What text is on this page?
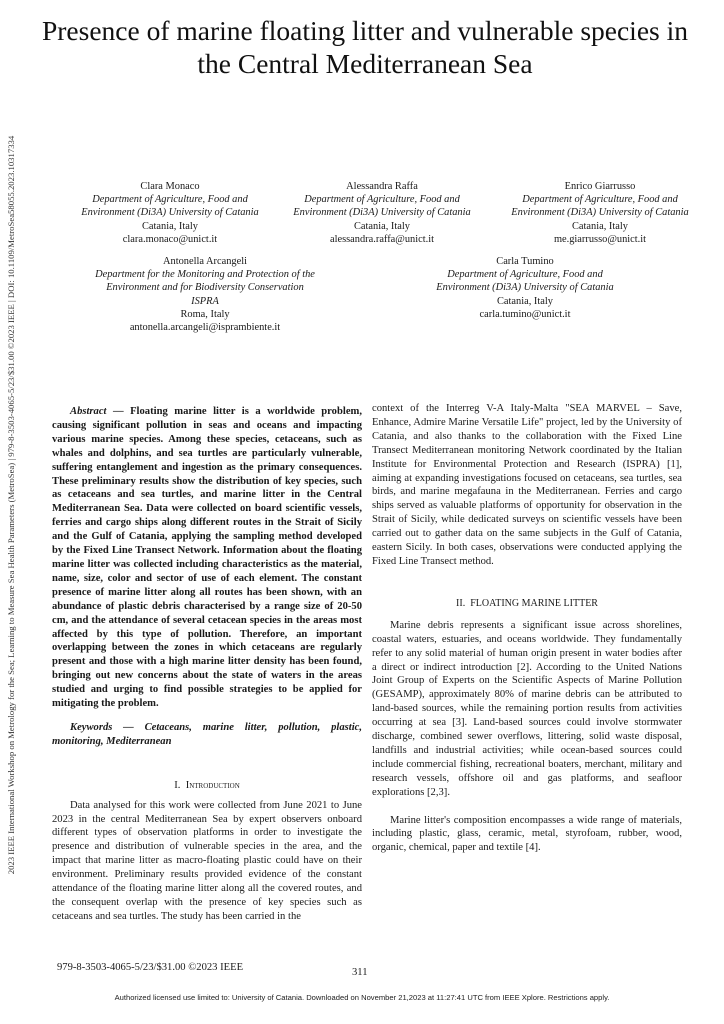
2023 IEEE International Workshop on Metrology for the Sea; Learning to Measure Sea Health Parameters (MetroSea) | 979-8-3503-4065-5/23/$31.00 ©2023 IEEE | DOI: 10.1109/MetroSea58055.2023.10317334
Presence of marine floating litter and vulnerable species in the Central Mediterranean Sea
Clara Monaco
Department of Agriculture, Food and Environment (Di3A) University of Catania
Catania, Italy
clara.monaco@unict.it
Alessandra Raffa
Department of Agriculture, Food and Environment (Di3A) University of Catania
Catania, Italy
alessandra.raffa@unict.it
Enrico Giarrusso
Department of Agriculture, Food and Environment (Di3A) University of Catania
Catania, Italy
me.giarrusso@unict.it
Antonella Arcangeli
Department for the Monitoring and Protection of the Environment and for Biodiversity Conservation ISPRA
Roma, Italy
antonella.arcangeli@isprambiente.it
Carla Tumino
Department of Agriculture, Food and Environment (Di3A) University of Catania
Catania, Italy
carla.tumino@unict.it

Abstract — Floating marine litter is a worldwide problem, causing significant pollution in seas and oceans and impacting various marine species. Among these species, cetaceans, such as whales and dolphins, and sea turtles are particularly vulnerable, suffering entanglement and ingestion as the primary consequences. These preliminary results show the distribution of key species, such as cetaceans and sea turtles, and marine litter in the Central Mediterranean Sea. Data were collected on board scientific vessels, ferries and cargo ships along different routes in the Strait of Sicily and the Gulf of Catania, applying the sampling method developed by the Fixed Line Transect Network. Information about the floating marine litter was collected including characteristics as the material, name, size, color and sector of use of each element. The constant presence of marine litter along all routes has been shown, with an abundance of plastic debris characterised by a range size of 20-50 cm, and the attendance of several cetacean species in the areas most affected by this type of pollution. Therefore, an important overlapping between the zones in which cetaceans are regularly present and those with a high marine litter density has been found, bringing out new concerns about the state of waters in the areas studied and urging to find possible strategies to be applied for mitigating the problem.

Keywords — Cetaceans, marine litter, pollution, plastic, monitoring, Mediterranean

I. Introduction

Data analysed for this work were collected from June 2021 to June 2023 in the central Mediterranean Sea by expert observers onboard different types of observation platforms in order to investigate the presence and distribution of vulnerable species in the area, and the impact that marine litter as macro-floating plastic could have on their environment. Preliminary results provided evidence of the constant attendance of the floating marine litter along all the covered routes, and the consequent overlap with the presence of key species such as cetaceans and sea turtles. The study has been carried in the

context of the Interreg V-A Italy-Malta "SEA MARVEL – Save, Enhance, Admire Marine Versatile Life" project, led by the University of Catania, and also thanks to the collaboration with the Fixed Line Transect Mediterranean monitoring Network coordinated by the Italian Institute for Environmental Protection and Research (ISPRA) [1], aiming at expanding investigations focused on cetaceans, sea turtles, sea birds, and marine megafauna in the Mediterranean. Ferries and cargo ships served as valuable platforms of opportunity for observation in the Strait of Sicily, while dedicated surveys on scientific vessels have been carried out to gather data on the same subjects in the Gulf of Catania, eastern Sicily. In both cases, observations were conducted applying the Fixed Line Transect method.

II. FLOATING MARINE LITTER

Marine debris represents a significant issue across shorelines, coastal waters, estuaries, and oceans worldwide. They fundamentally refer to any solid material of human origin present in water bodies after a direct or indirect introduction [2]. According to the United Nations Joint Group of Experts on the Scientific Aspects of Marine Pollution (GESAMP), approximately 80% of marine debris can be attributed to land-based sources, while the remaining portion results from activities occurring at sea [3]. Land-based sources could involve stormwater discharge, combined sewer overflows, littering, solid waste disposal, landfills and industrial activities; while ocean-based sources could include commercial fishing, recreational boaters, merchant, military and research vessels, offshore oil and gas platforms, and seafloor explorations [2,3].

Marine litter's composition encompasses a wide range of materials, including plastic, glass, ceramic, metal, styrofoam, rubber, wood, organic, chemical, paper and textile [4].

979-8-3503-4065-5/23/$31.00 ©2023 IEEE	311
Authorized licensed use limited to: University of Catania. Downloaded on November 21,2023 at 11:27:41 UTC from IEEE Xplore. Restrictions apply.
